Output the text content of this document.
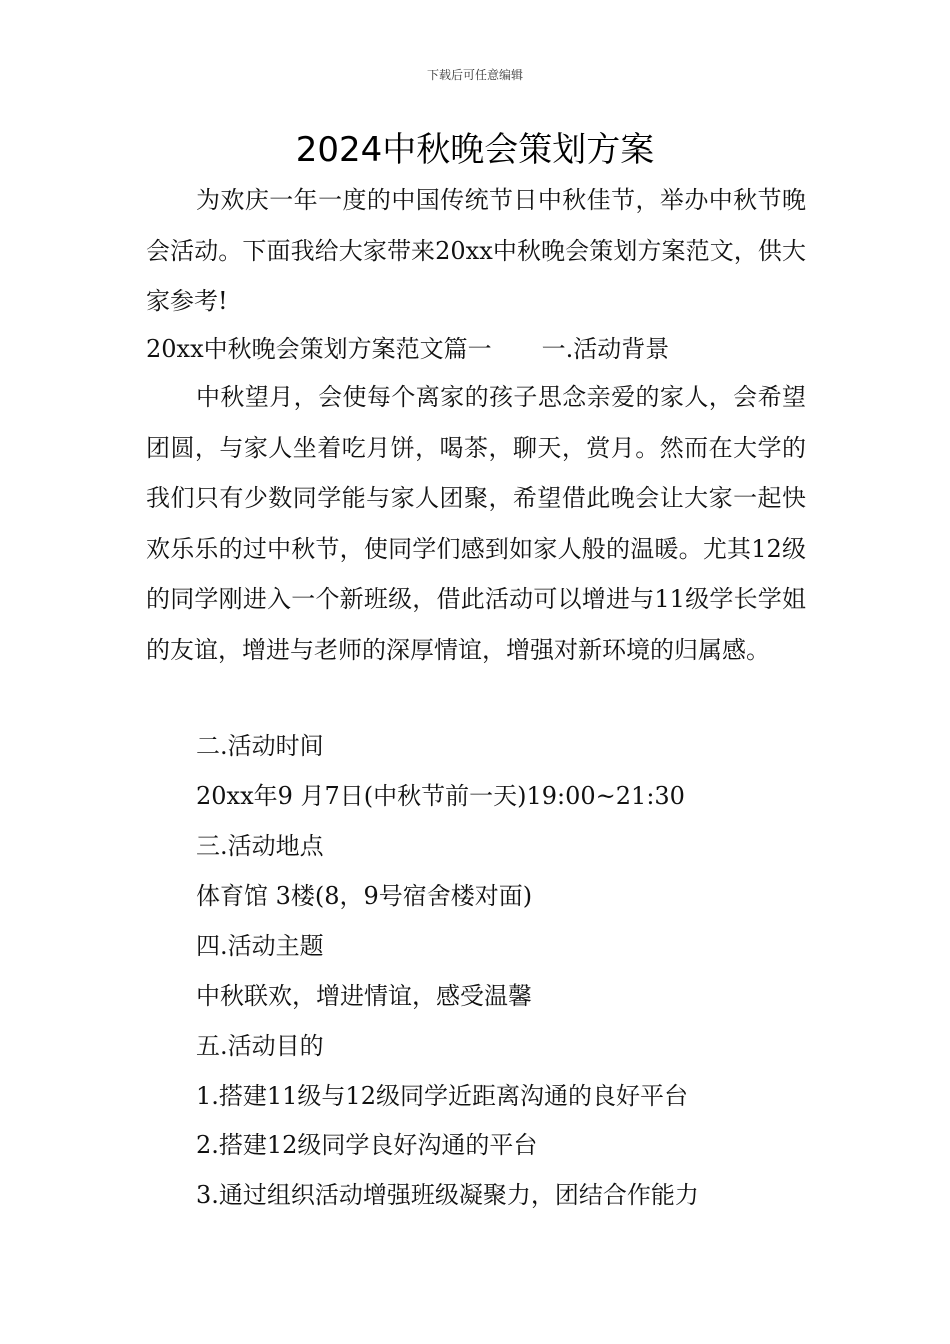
下载后可任意编辑
2024中秋晚会策划方案

为欢庆一年一度的中国传统节日中秋佳节，举办中秋节晚会活动。下面我给大家带来20xx中秋晚会策划方案范文，供大家参考!

20xx中秋晚会策划方案范文篇一 一.活动背景

中秋望月，会使每个离家的孩子思念亲爱的家人，会希望团圆，与家人坐着吃月饼，喝茶，聊天，赏月。然而在大学的我们只有少数同学能与家人团聚，希望借此晚会让大家一起快欢乐乐的过中秋节，使同学们感到如家人般的温暖。尤其12级的同学刚进入一个新班级，借此活动可以增进与11级学长学姐的友谊，增进与老师的深厚情谊，增强对新环境的归属感。

二.活动时间

20xx年9 月7日(中秋节前一天)19:00~21:30

三.活动地点

体育馆 3楼(8，9号宿舍楼对面)

四.活动主题

中秋联欢，增进情谊，感受温馨

五.活动目的

1.搭建11级与12级同学近距离沟通的良好平台

2.搭建12级同学良好沟通的平台

3.通过组织活动增强班级凝聚力，团结合作能力
